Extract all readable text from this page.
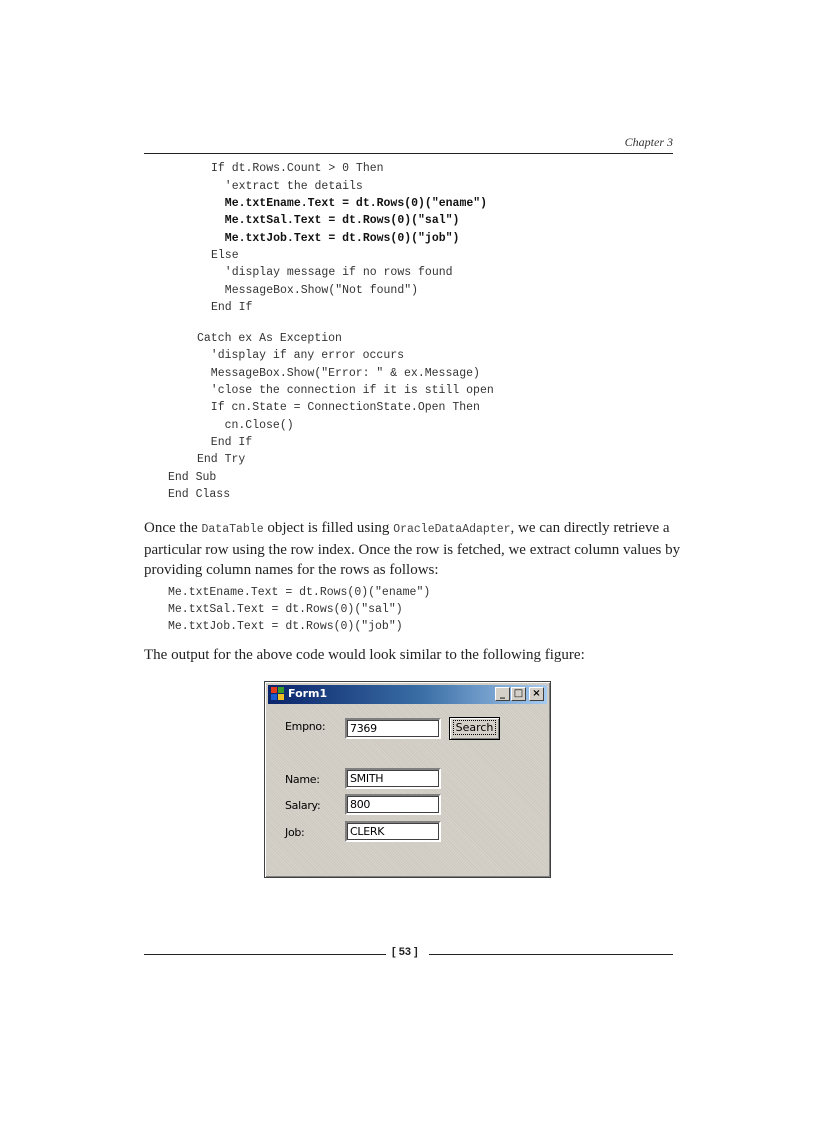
Chapter 3
If dt.Rows.Count > 0 Then
'extract the details
Me.txtEname.Text = dt.Rows(0)("ename")
Me.txtSal.Text = dt.Rows(0)("sal")
Me.txtJob.Text = dt.Rows(0)("job")
Else
'display message if no rows found
MessageBox.Show("Not found")
End If
Catch ex As Exception
'display if any error occurs
MessageBox.Show("Error: " & ex.Message)
'close the connection if it is still open
If cn.State = ConnectionState.Open Then
cn.Close()
End If
End Try
End Sub
End Class
Once the DataTable object is filled using OracleDataAdapter, we can directly retrieve a particular row using the row index. Once the row is fetched, we extract column values by providing column names for the rows as follows:
Me.txtEname.Text = dt.Rows(0)("ename")
Me.txtSal.Text = dt.Rows(0)("sal")
Me.txtJob.Text = dt.Rows(0)("job")
The output for the above code would look similar to the following figure:
Form1	_ □ ×
Empno:	7369	Search
Name:	SMITH
Salary:	800
Job:	CLERK
[ 53 ]
